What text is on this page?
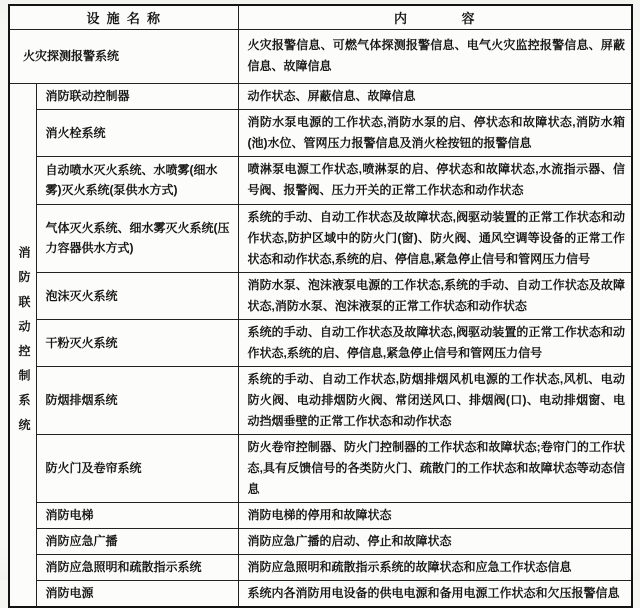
设施名称		内容
火灾探测报警系统		火灾报警信息、可燃气体探测报警信息、电气火灾监控报警信息、屏蔽信息、故障信息

消防联动控制系统	消防联动控制器	动作状态、屏蔽信息、故障信息
	消火栓系统	消防水泵电源的工作状态,消防水泵的启、停状态和故障状态,消防水箱(池)水位、管网压力报警信息及消火栓按钮的报警信息
	自动喷水灭火系统、水喷雾(细水雾)灭火系统(泵供水方式)	喷淋泵电源工作状态,喷淋泵的启、停状态和故障状态,水流指示器、信号阀、报警阀、压力开关的正常工作状态和动作状态
	气体灭火系统、细水雾灭火系统(压力容器供水方式)	系统的手动、自动工作状态及故障状态,阀驱动装置的正常工作状态和动作状态,防护区域中的防火门(窗)、防火阀、通风空调等设备的正常工作状态和动作状态,系统的启、停信息,紧急停止信号和管网压力信号
	泡沫灭火系统	消防水泵、泡沫液泵电源的工作状态,系统的手动、自动工作状态及故障状态,消防水泵、泡沫液泵的正常工作状态和动作状态
	干粉灭火系统	系统的手动、自动工作状态及故障状态,阀驱动装置的正常工作状态和动作状态,系统的启、停信息,紧急停止信号和管网压力信号
	防烟排烟系统	系统的手动、自动工作状态,防烟排烟风机电源的工作状态,风机、电动防火阀、电动排烟防火阀、常闭送风口、排烟阀(口)、电动排烟窗、电动挡烟垂壁的正常工作状态和动作状态
	防火门及卷帘系统	防火卷帘控制器、防火门控制器的工作状态和故障状态;卷帘门的工作状态,具有反馈信号的各类防火门、疏散门的工作状态和故障状态等动态信息
	消防电梯	消防电梯的停用和故障状态
	消防应急广播	消防应急广播的启动、停止和故障状态
	消防应急照明和疏散指示系统	消防应急照明和疏散指示系统的故障状态和应急工作状态信息
	消防电源	系统内各消防用电设备的供电电源和备用电源工作状态和欠压报警信息
